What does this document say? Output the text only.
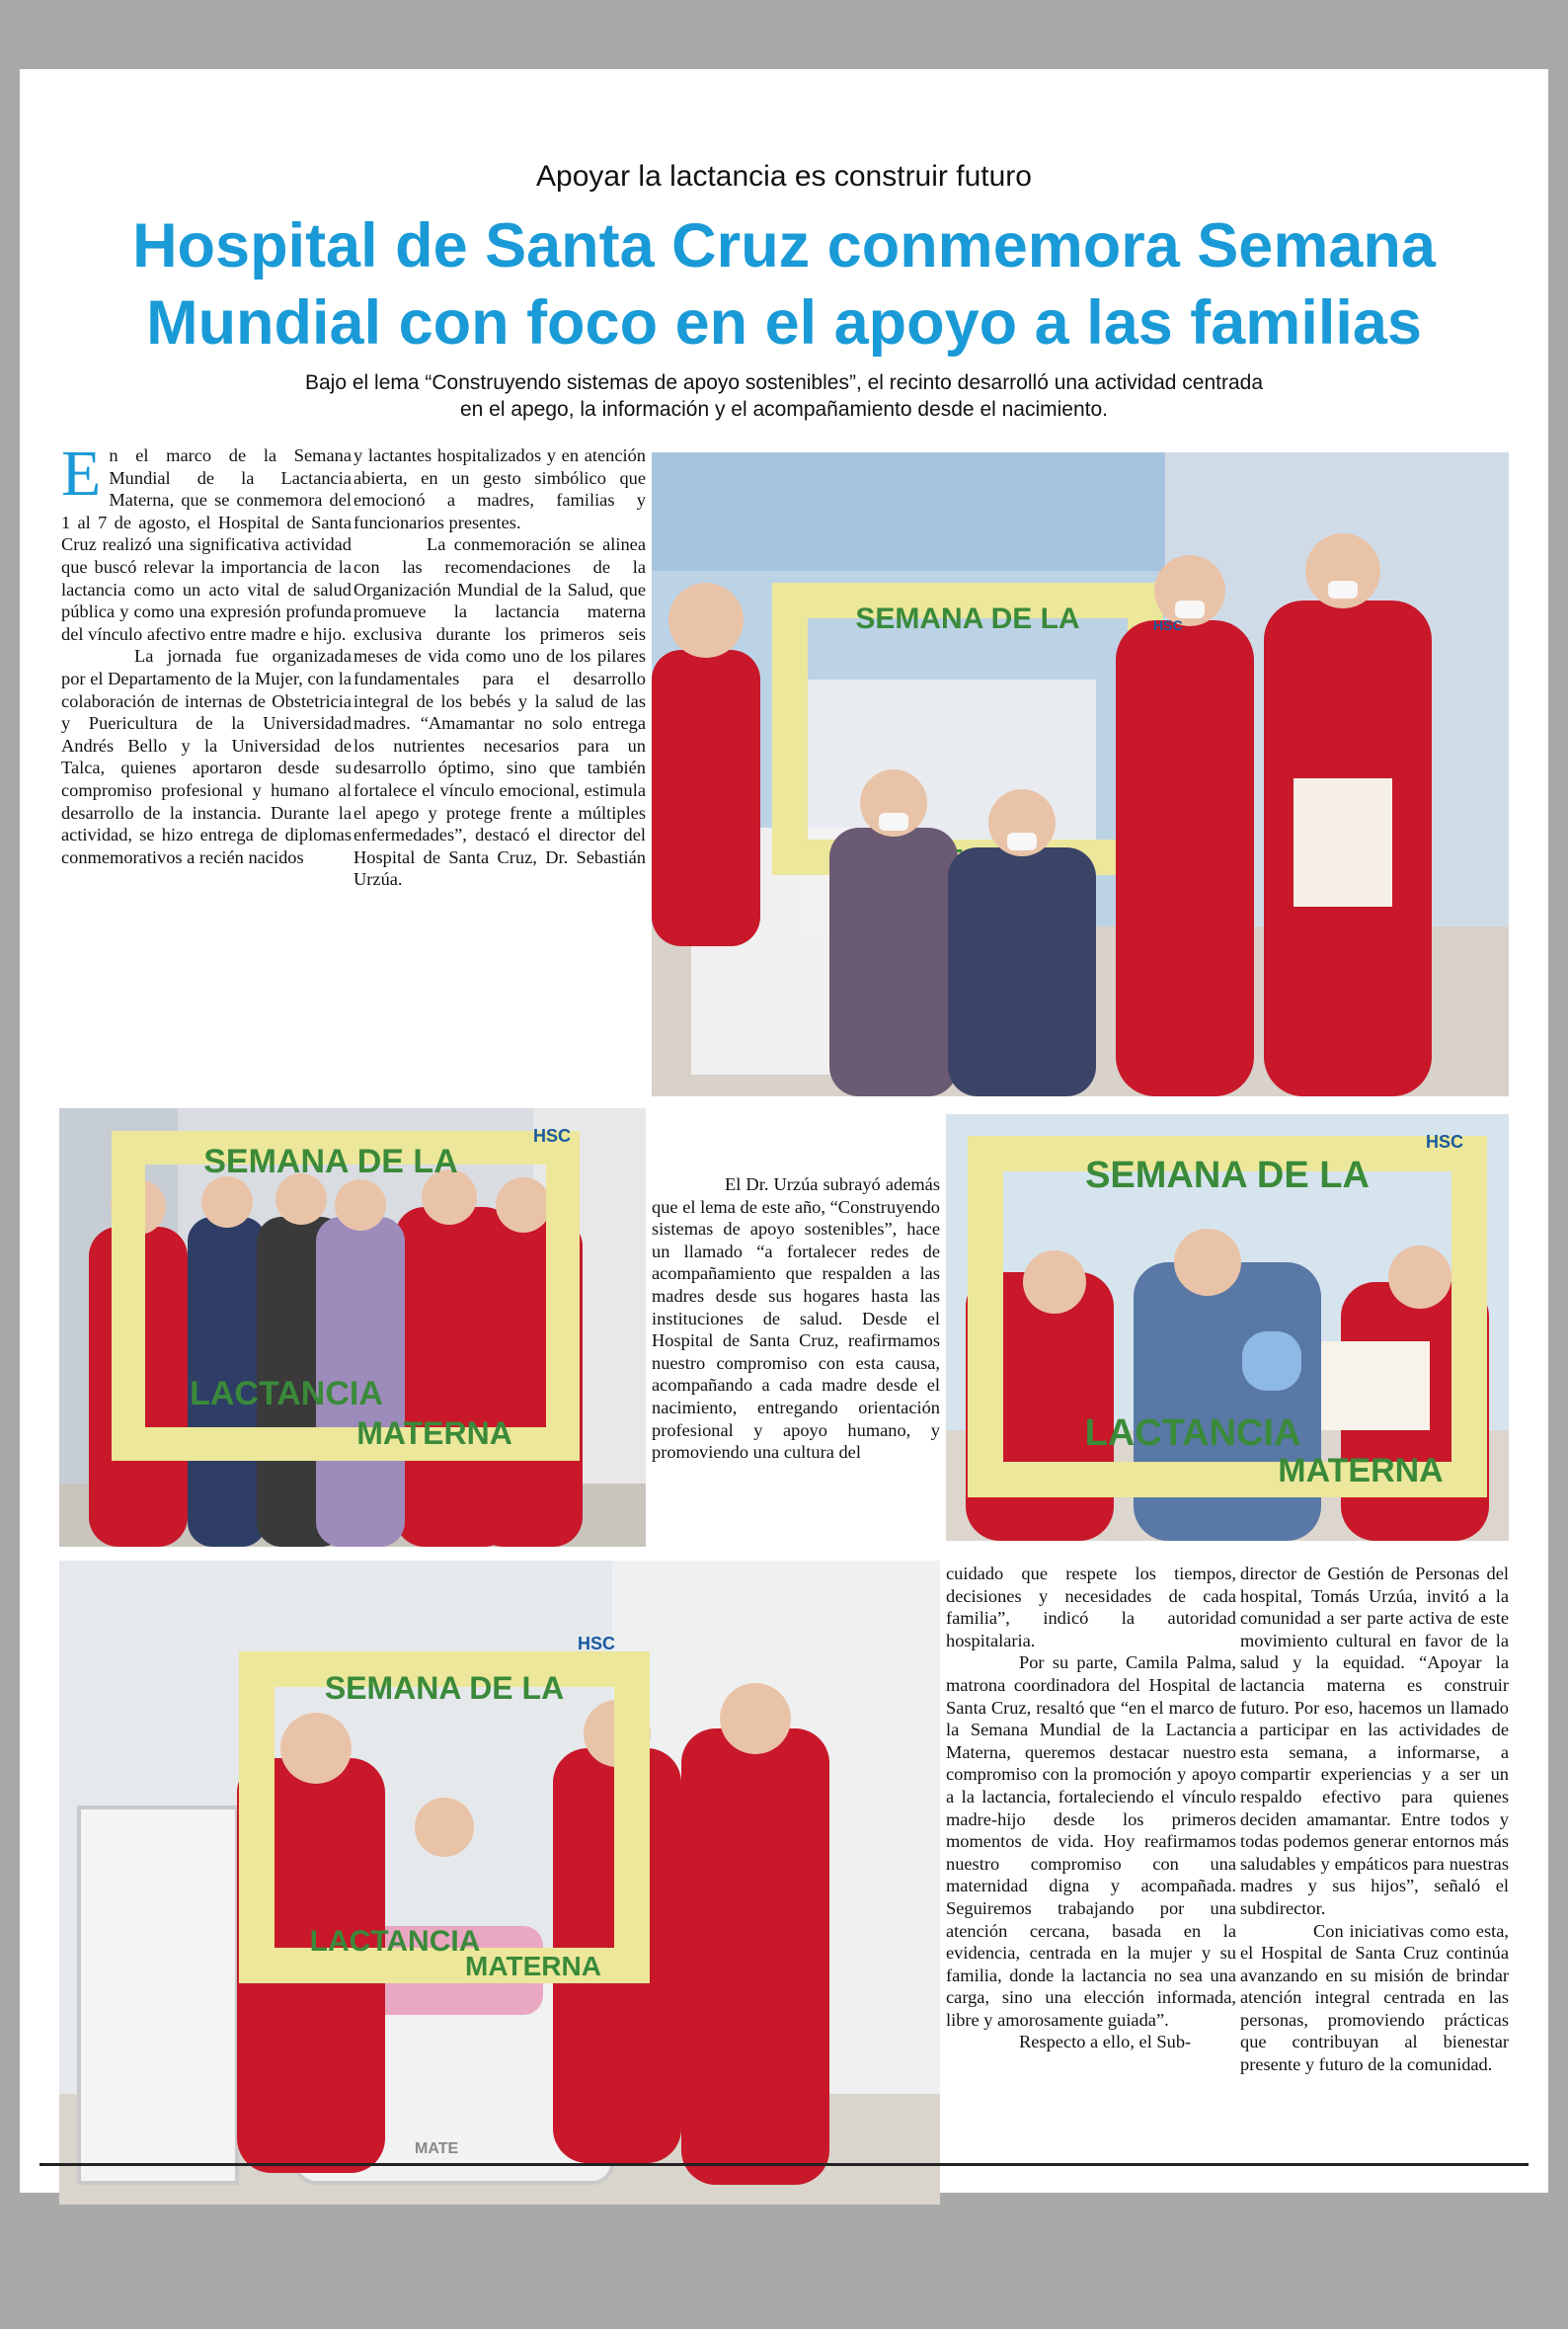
Apoyar la lactancia es construir futuro
Hospital de Santa Cruz conmemora Semana
Mundial con foco en el apoyo a las familias
Bajo el lema “Construyendo sistemas de apoyo sostenibles”, el recinto desarrolló una actividad centrada
en el apego, la información y el acompañamiento desde el nacimiento.

En el marco de la Semana Mundial de la Lactancia Materna, que se conmemora del 1 al 7 de agosto, el Hospital de Santa Cruz realizó una significativa actividad que buscó relevar la importancia de la lactancia como un acto vital de salud pública y como una expresión profunda del vínculo afectivo entre madre e hijo.

La jornada fue organizada por el Departamento de la Mujer, con la colaboración de internas de Obstetricia y Puericultura de la Universidad Andrés Bello y la Universidad de Talca, quienes aportaron desde su compromiso profesional y humano al desarrollo de la instancia. Durante la actividad, se hizo entrega de diplomas conmemorativos a recién nacidos

y lactantes hospitalizados y en atención abierta, en un gesto simbólico que emocionó a madres, familias y funcionarios presentes.

La conmemoración se alinea con las recomendaciones de la Organización Mundial de la Salud, que promueve la lactancia materna exclusiva durante los primeros seis meses de vida como uno de los pilares fundamentales para el desarrollo integral de los bebés y la salud de las madres. “Amamantar no solo entrega los nutrientes necesarios para un desarrollo óptimo, sino que también fortalece el vínculo emocional, estimula el apego y protege frente a múltiples enfermedades”, destacó el director del Hospital de Santa Cruz, Dr. Sebastián Urzúa.

SEMANA DE LA	HSC
SEMANA DE LA
LACTANCIA
MATERNA
HSC

El Dr. Urzúa subrayó además que el lema de este año, “Construyendo sistemas de apoyo sostenibles”, hace un llamado “a fortalecer redes de acompañamiento que respalden a las madres desde sus hogares hasta las instituciones de salud. Desde el Hospital de Santa Cruz, reafirmamos nuestro compromiso con esta causa, acompañando a cada madre desde el nacimiento, entregando orientación profesional y apoyo humano, y promoviendo una cultura del

SEMANA DE LA
LACTANCIA
MATERNA
HSC
SEMANA DE LA
LACTANCIA
MATERNA
HSC
MATE

cuidado que respete los tiempos, decisiones y necesidades de cada familia”, indicó la autoridad hospitalaria.

Por su parte, Camila Palma, matrona coordinadora del Hospital de Santa Cruz, resaltó que “en el marco de la Semana Mundial de la Lactancia Materna, queremos destacar nuestro compromiso con la promoción y apoyo a la lactancia, fortaleciendo el vínculo madre-hijo desde los primeros momentos de vida. Hoy reafirmamos nuestro compromiso con una maternidad digna y acompañada. Seguiremos trabajando por una atención cercana, basada en la evidencia, centrada en la mujer y su familia, donde la lactancia no sea una carga, sino una elección informada, libre y amorosamente guiada”.

Respecto a ello, el Sub-

director de Gestión de Personas del hospital, Tomás Urzúa, invitó a la comunidad a ser parte activa de este movimiento cultural en favor de la salud y la equidad. “Apoyar la lactancia materna es construir futuro. Por eso, hacemos un llamado a participar en las actividades de esta semana, a informarse, a compartir experiencias y a ser un respaldo efectivo para quienes deciden amamantar. Entre todos y todas podemos generar entornos más saludables y empáticos para nuestras madres y sus hijos”, señaló el subdirector.

Con iniciativas como esta, el Hospital de Santa Cruz continúa avanzando en su misión de brindar atención integral centrada en las personas, promoviendo prácticas que contribuyan al bienestar presente y futuro de la comunidad.
